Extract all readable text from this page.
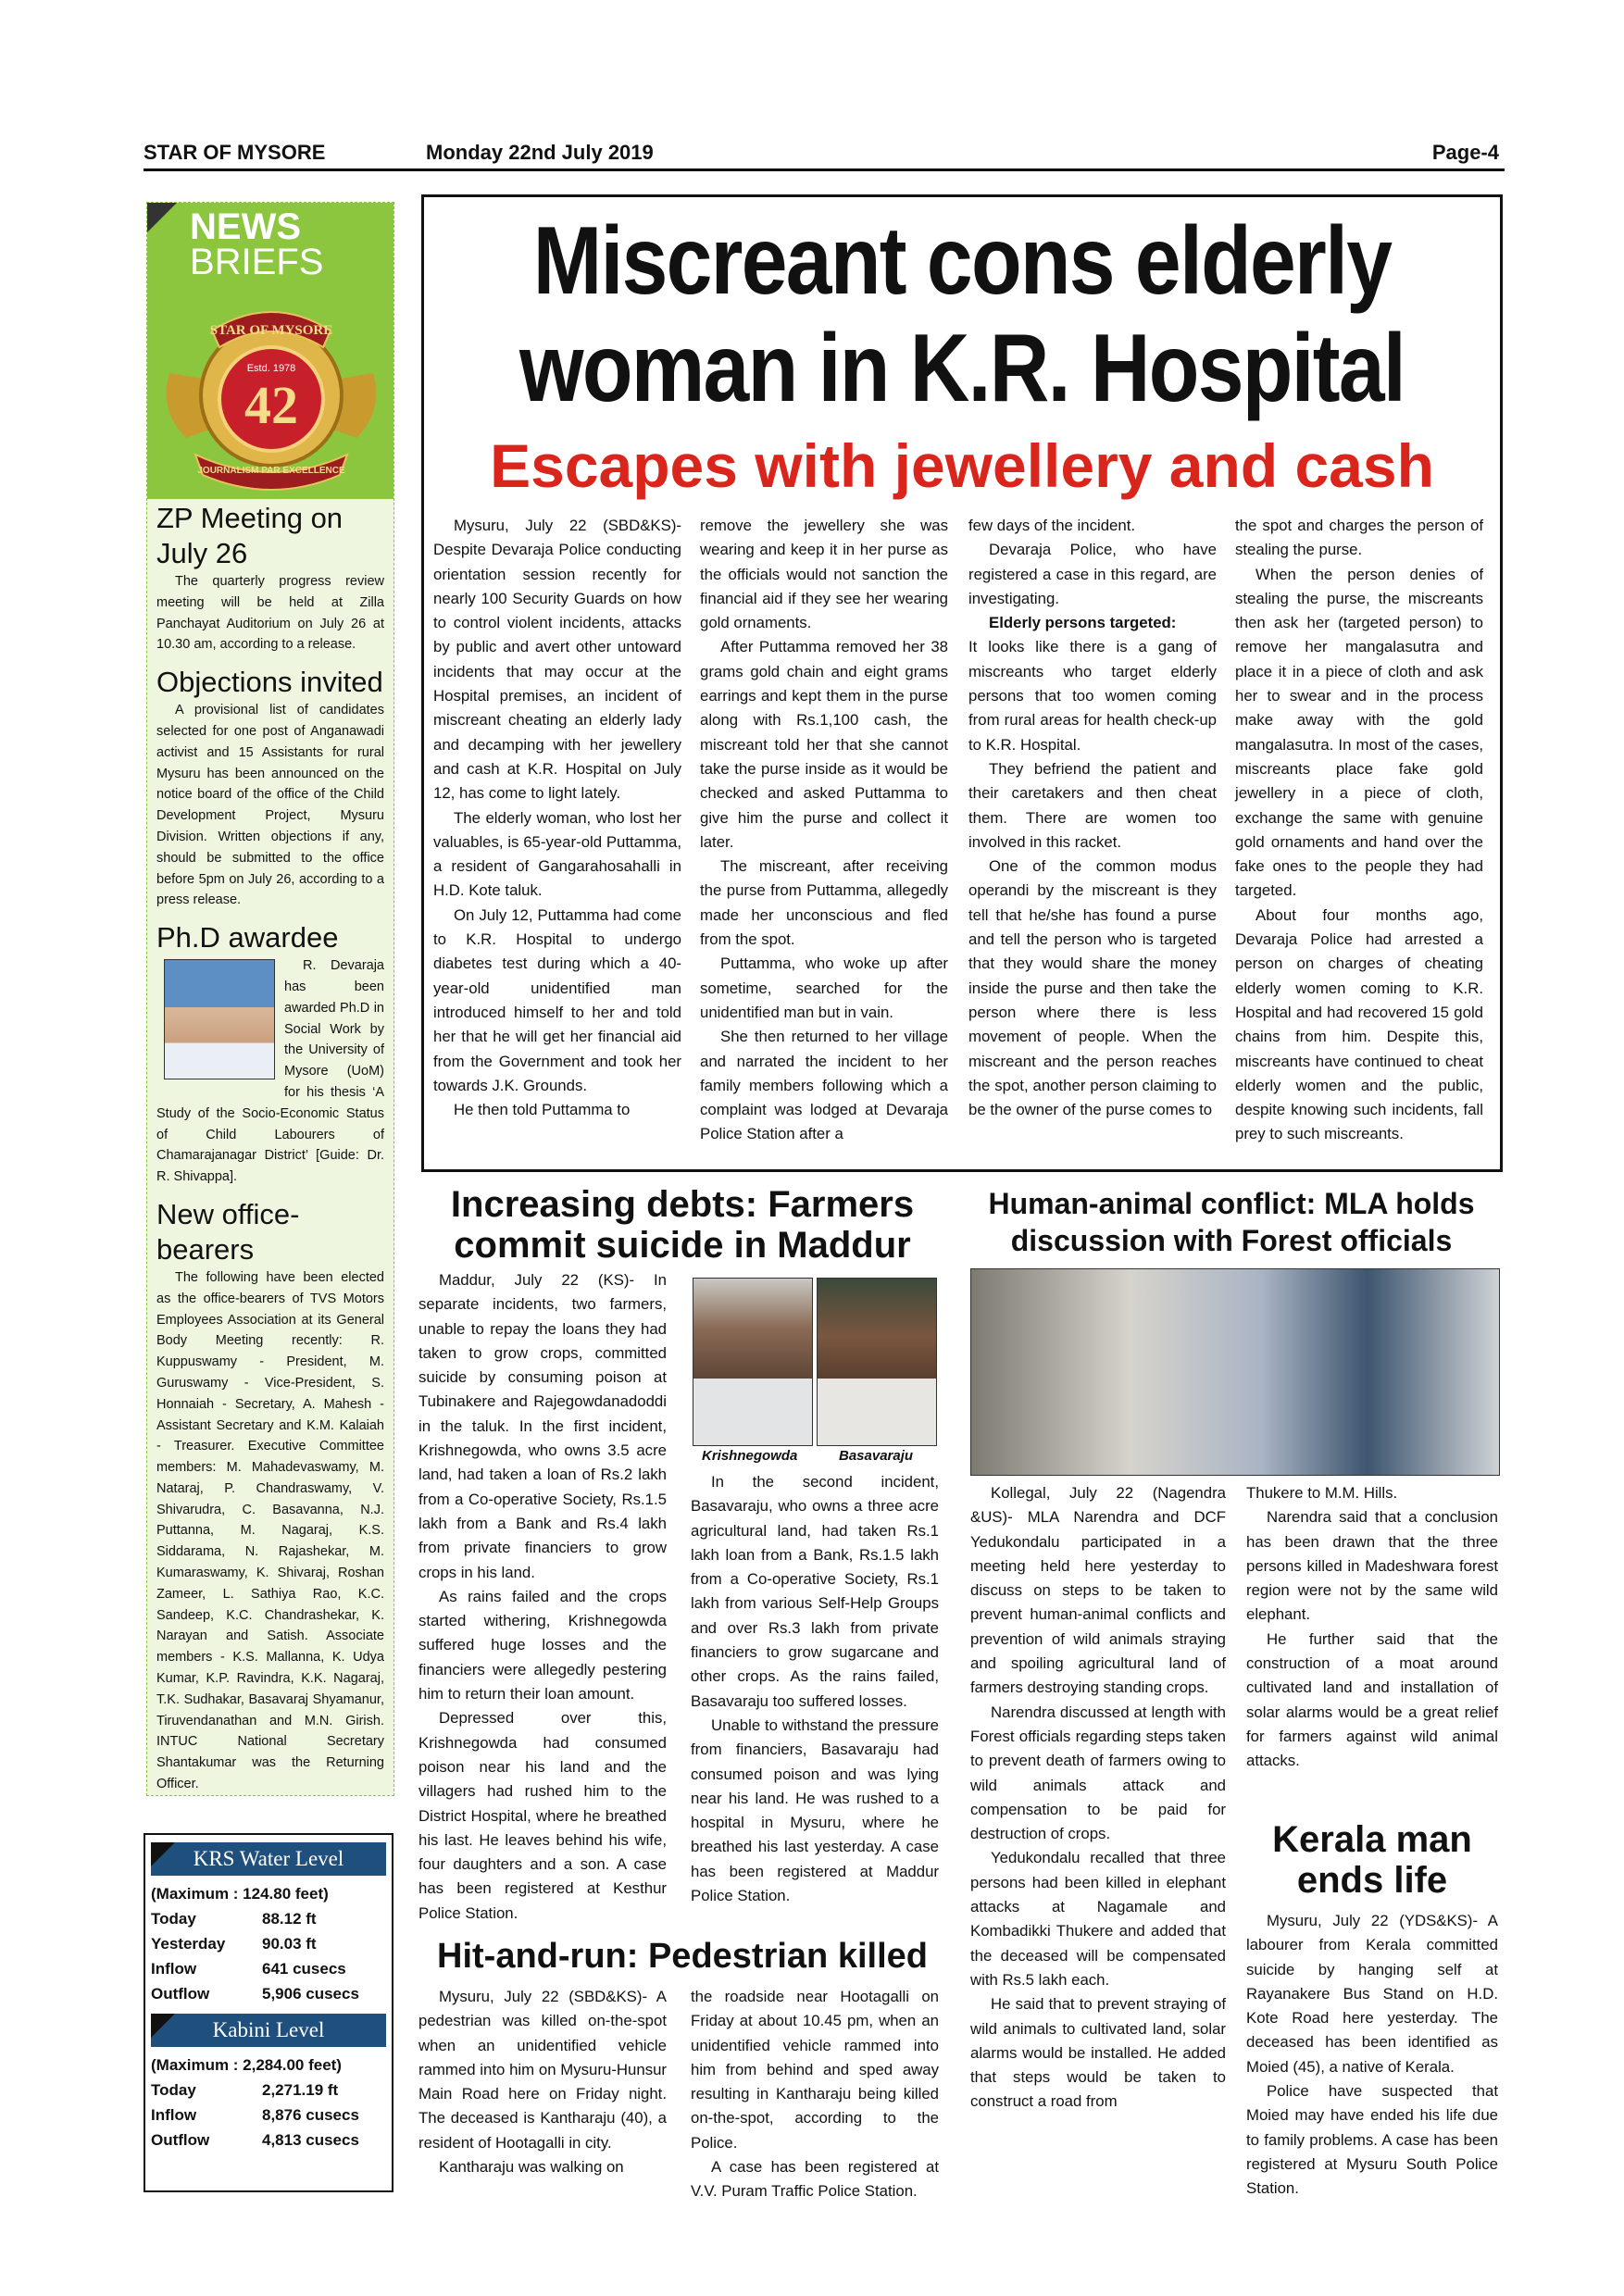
STAR OF MYSORE	Monday 22nd July 2019	Page-4
NEWS
BRIEFS
STAR OF MYSORE
Estd. 1978
42
JOURNALISM PAR EXCELLENCE
ZP Meeting on July 26

The quarterly progress review meeting will be held at Zilla Panchayat Auditorium on July 26 at 10.30 am, according to a release.

Objections invited

A provisional list of candidates selected for one post of Anganawadi activist and 15 Assistants for rural Mysuru has been announced on the notice board of the office of the Child Development Project, Mysuru Division. Written objections if any, should be submitted to the office before 5pm on July 26, according to a press release.

Ph.D awardee

R. Devaraja has been awarded Ph.D in Social Work by the University of Mysore (UoM) for his thesis ‘A Study of the Socio-Economic Status of Child Labourers of Chamarajanagar District’ [Guide: Dr. R. Shivappa].

New office-bearers

The following have been elected as the office-bearers of TVS Motors Employees Association at its General Body Meeting recently: R. Kuppuswamy - President, M. Guruswamy - Vice-President, S. Honnaiah - Secretary, A. Mahesh - Assistant Secretary and K.M. Kalaiah - Treasurer. Executive Committee members: M. Mahadevaswamy, M. Nataraj, P. Chandraswamy, V. Shivarudra, C. Basavanna, N.J. Puttanna, M. Nagaraj, K.S. Siddarama, N. Rajashekar, M. Kumaraswamy, K. Shivaraj, Roshan Zameer, L. Sathiya Rao, K.C. Sandeep, K.C. Chandrashekar, K. Narayan and Satish. Associate members - K.S. Mallanna, K. Udya Kumar, K.P. Ravindra, K.K. Nagaraj, T.K. Sudhakar, Basavaraj Shyamanur, Tiruvendanathan and M.N. Girish. INTUC National Secretary Shantakumar was the Returning Officer.

KRS Water Level
(Maximum : 124.80 feet)
Today	88.12 ft
Yesterday	90.03 ft
Inflow	641 cusecs
Outflow	5,906 cusecs
Kabini Level
(Maximum : 2,284.00 feet)
Today	2,271.19 ft
Inflow	8,876 cusecs
Outflow	4,813 cusecs
Miscreant cons elderly
woman in K.R. Hospital
Escapes with jewellery and cash

Mysuru, July 22 (SBD&KS)- Despite Devaraja Police conducting orientation session recently for nearly 100 Security Guards on how to control violent incidents, attacks by public and avert other untoward incidents that may occur at the Hospital premises, an incident of miscreant cheating an elderly lady and decamping with her jewellery and cash at K.R. Hospital on July 12, has come to light lately.

The elderly woman, who lost her valuables, is 65-year-old Puttamma, a resident of Gangarahosahalli in H.D. Kote taluk.

On July 12, Puttamma had come to K.R. Hospital to undergo diabetes test during which a 40-year-old unidentified man introduced himself to her and told her that he will get her financial aid from the Government and took her towards J.K. Grounds.

He then told Puttamma to

remove the jewellery she was wearing and keep it in her purse as the officials would not sanction the financial aid if they see her wearing gold ornaments.

After Puttamma removed her 38 grams gold chain and eight grams earrings and kept them in the purse along with Rs.1,100 cash, the miscreant told her that she cannot take the purse inside as it would be checked and asked Puttamma to give him the purse and collect it later.

The miscreant, after receiving the purse from Puttamma, allegedly made her unconscious and fled from the spot.

Puttamma, who woke up after sometime, searched for the unidentified man but in vain.

She then returned to her village and narrated the incident to her family members following which a complaint was lodged at Devaraja Police Station after a

few days of the incident.

Devaraja Police, who have registered a case in this regard, are investigating.

Elderly persons targeted:

It looks like there is a gang of miscreants who target elderly persons that too women coming from rural areas for health check-up to K.R. Hospital.

They befriend the patient and their caretakers and then cheat them. There are women too involved in this racket.

One of the common modus operandi by the miscreant is they tell that he/she has found a purse and tell the person who is targeted that they would share the money inside the purse and then take the person where there is less movement of people. When the miscreant and the person reaches the spot, another person claiming to be the owner of the purse comes to

the spot and charges the person of stealing the purse.

When the person denies of stealing the purse, the miscreants then ask her (targeted person) to remove her mangalasutra and place it in a piece of cloth and ask her to swear and in the process make away with the gold mangalasutra. In most of the cases, miscreants place fake gold jewellery in a piece of cloth, exchange the same with genuine gold ornaments and hand over the fake ones to the people they had targeted.

About four months ago, Devaraja Police had arrested a person on charges of cheating elderly women coming to K.R. Hospital and had recovered 15 gold chains from him. Despite this, miscreants have continued to cheat elderly women and the public, despite knowing such incidents, fall prey to such miscreants.

Increasing debts: Farmers
commit suicide in Maddur

Maddur, July 22 (KS)- In separate incidents, two farmers, unable to repay the loans they had taken to grow crops, committed suicide by consuming poison at Tubinakere and Rajegowdanadoddi in the taluk. In the first incident, Krishnegowda, who owns 3.5 acre land, had taken a loan of Rs.2 lakh from a Co-operative Society, Rs.1.5 lakh from a Bank and Rs.4 lakh from private financiers to grow crops in his land.

As rains failed and the crops started withering, Krishnegowda suffered huge losses and the financiers were allegedly pestering him to return their loan amount.

Depressed over this, Krishnegowda had consumed poison near his land and the villagers had rushed him to the District Hospital, where he breathed his last. He leaves behind his wife, four daughters and a son. A case has been registered at Kesthur Police Station.

Krishnegowda	Basavaraju

In the second incident, Basavaraju, who owns a three acre agricultural land, had taken Rs.1 lakh loan from a Bank, Rs.1.5 lakh from a Co-operative Society, Rs.1 lakh from various Self-Help Groups and over Rs.3 lakh from private financiers to grow sugarcane and other crops. As the rains failed, Basavaraju too suffered losses.

Unable to withstand the pressure from financiers, Basavaraju had consumed poison and was lying near his land. He was rushed to a hospital in Mysuru, where he breathed his last yesterday. A case has been registered at Maddur Police Station.

Hit-and-run: Pedestrian killed

Mysuru, July 22 (SBD&KS)- A pedestrian was killed on-the-spot when an unidentified vehicle rammed into him on Mysuru-Hunsur Main Road here on Friday night. The deceased is Kantharaju (40), a resident of Hootagalli in city.

Kantharaju was walking on

the roadside near Hootagalli on Friday at about 10.45 pm, when an unidentified vehicle rammed into him from behind and sped away resulting in Kantharaju being killed on-the-spot, according to the Police.

A case has been registered at V.V. Puram Traffic Police Station.

Human-animal conflict: MLA holds
discussion with Forest officials

Kollegal, July 22 (Nagendra &US)- MLA Narendra and DCF Yedukondalu participated in a meeting held here yesterday to discuss on steps to be taken to prevent human-animal conflicts and prevention of wild animals straying and spoiling agricultural land of farmers destroying standing crops.

Narendra discussed at length with Forest officials regarding steps taken to prevent death of farmers owing to wild animals attack and compensation to be paid for destruction of crops.

Yedukondalu recalled that three persons had been killed in elephant attacks at Nagamale and Kombadikki Thukere and added that the deceased will be compensated with Rs.5 lakh each.

He said that to prevent straying of wild animals to cultivated land, solar alarms would be installed. He added that steps would be taken to construct a road from

Thukere to M.M. Hills.

Narendra said that a conclusion has been drawn that the three persons killed in Madeshwara forest region were not by the same wild elephant.

He further said that the construction of a moat around cultivated land and installation of solar alarms would be a great relief for farmers against wild animal attacks.

Kerala man
ends life

Mysuru, July 22 (YDS&KS)- A labourer from Kerala committed suicide by hanging self at Rayanakere Bus Stand on H.D. Kote Road here yesterday. The deceased has been identified as Moied (45), a native of Kerala.

Police have suspected that Moied may have ended his life due to family problems. A case has been registered at Mysuru South Police Station.
